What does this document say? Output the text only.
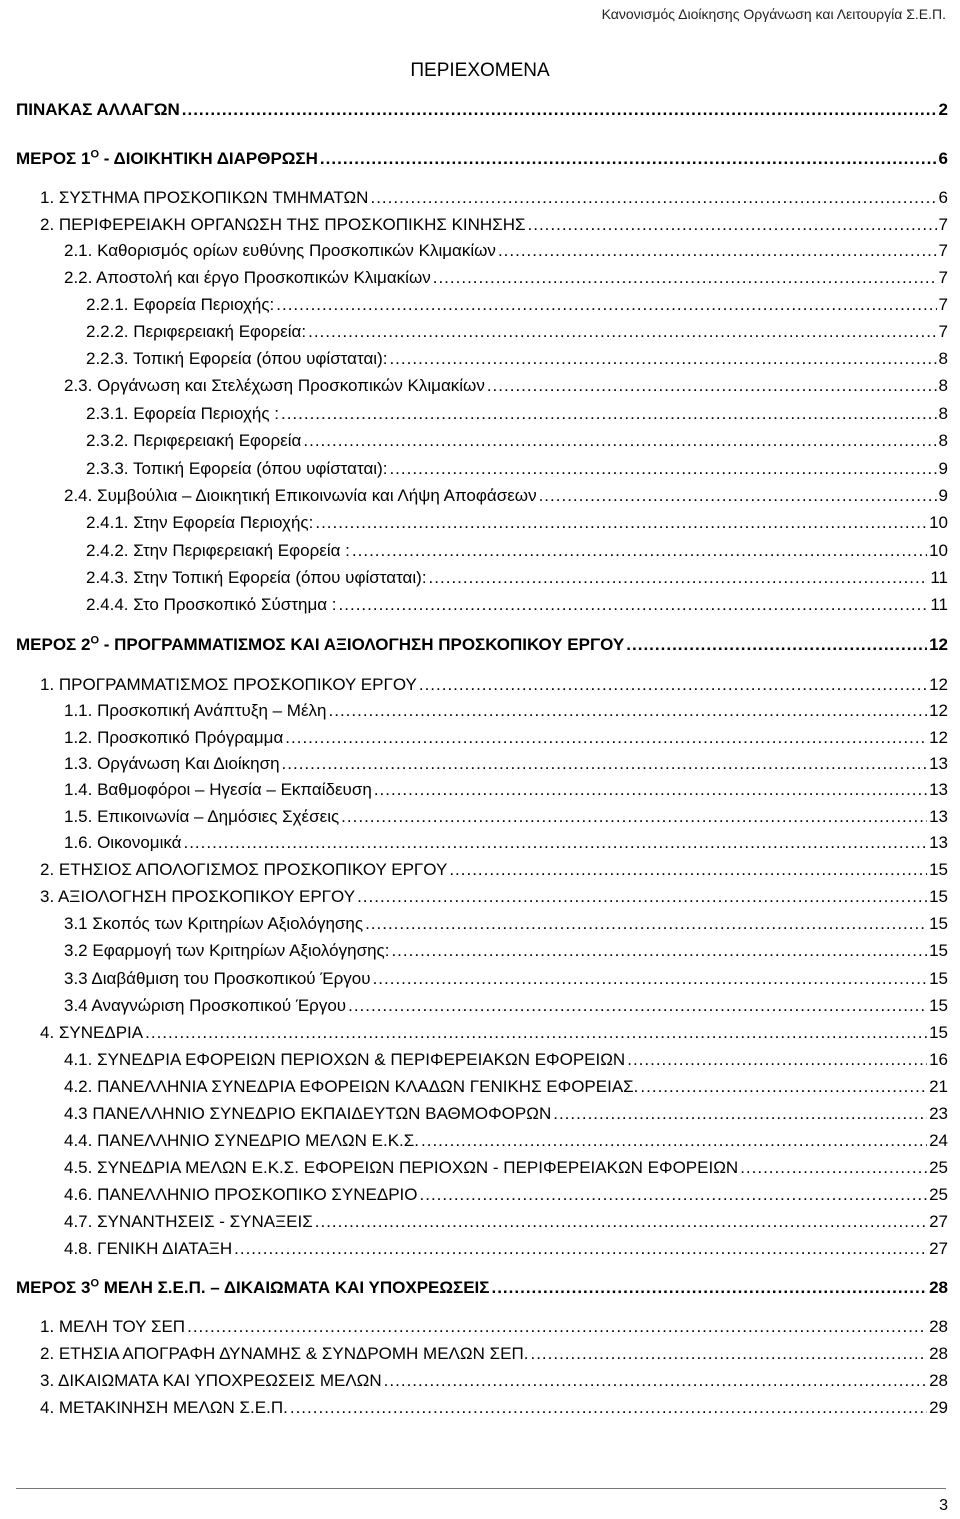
Κανονισμός Διοίκησης Οργάνωση και Λειτουργία Σ.Ε.Π.
ΠΕΡΙΕΧΟΜΕΝΑ
ΠΙΝΑΚΑΣ ΑΛΛΑΓΩΝ .....	2
ΜΕΡΟΣ $1^O$ - ΔΙΟΙΚΗΤΙΚΗ ΔΙΑΡΘΡΩΣΗ .....	6
1. ΣΥΣΤΗΜΑ ΠΡΟΣΚΟΠΙΚΩΝ ΤΜΗΜΑΤΩΝ .....	6
2. ΠΕΡΙΦΕΡΕΙΑΚΗ ΟΡΓΑΝΩΣΗ ΤΗΣ ΠΡΟΣΚΟΠΙΚΗΣ ΚΙΝΗΣΗΣ .....	7
2.1. Καθορισμός ορίων ευθύνης Προσκοπικών Κλιμακίων .....	7
2.2. Αποστολή και έργο Προσκοπικών Κλιμακίων .....	7
2.2.1. Εφορεία Περιοχής: .....	7
2.2.2. Περιφερειακή Εφορεία: .....	7
2.2.3. Τοπική Εφορεία (όπου υφίσταται): .....	8
2.3. Οργάνωση και Στελέχωση Προσκοπικών Κλιμακίων .....	8
2.3.1. Εφορεία Περιοχής : .....	8
2.3.2. Περιφερειακή Εφορεία .....	8
2.3.3. Τοπική Εφορεία (όπου υφίσταται): .....	9
2.4. Συμβούλια – Διοικητική Επικοινωνία και Λήψη Αποφάσεων .....	9
2.4.1. Στην Εφορεία Περιοχής: .....	10
2.4.2. Στην Περιφερειακή Εφορεία : .....	10
2.4.3. Στην Τοπική Εφορεία (όπου υφίσταται): .....	11
2.4.4. Στο Προσκοπικό Σύστημα : .....	11
ΜΕΡΟΣ $2^O$ - ΠΡΟΓΡΑΜΜΑΤΙΣΜΟΣ ΚΑΙ ΑΞΙΟΛΟΓΗΣΗ ΠΡΟΣΚΟΠΙΚΟΥ ΕΡΓΟΥ .....	12
1. ΠΡΟΓΡΑΜΜΑΤΙΣΜΟΣ ΠΡΟΣΚΟΠΙΚΟΥ ΕΡΓΟΥ .....	12
1.1. Προσκοπική Ανάπτυξη – Μέλη .....	12
1.2. Προσκοπικό Πρόγραμμα .....	12
1.3. Οργάνωση Και Διοίκηση .....	13
1.4. Βαθμοφόροι – Ηγεσία – Εκπαίδευση .....	13
1.5. Επικοινωνία – Δημόσιες Σχέσεις .....	13
1.6. Οικονομικά .....	13
2. ΕΤΗΣΙΟΣ ΑΠΟΛΟΓΙΣΜΟΣ ΠΡΟΣΚΟΠΙΚΟΥ ΕΡΓΟΥ .....	15
3. ΑΞΙΟΛΟΓΗΣΗ ΠΡΟΣΚΟΠΙΚΟΥ ΕΡΓΟΥ .....	15
3.1 Σκοπός των Κριτηρίων Αξιολόγησης .....	15
3.2 Εφαρμογή των Κριτηρίων Αξιολόγησης: .....	15
3.3 Διαβάθμιση του Προσκοπικού Έργου .....	15
3.4 Αναγνώριση Προσκοπικού Έργου .....	15
4. ΣΥΝΕΔΡΙΑ .....	15
4.1. ΣΥΝΕΔΡΙΑ ΕΦΟΡΕΙΩΝ ΠΕΡΙΟΧΩΝ & ΠΕΡΙΦΕΡΕΙΑΚΩΝ ΕΦΟΡΕΙΩΝ .....	16
4.2. ΠΑΝΕΛΛΗΝΙΑ ΣΥΝΕΔΡΙΑ ΕΦΟΡΕΙΩΝ ΚΛΑΔΩΝ ΓΕΝΙΚΗΣ ΕΦΟΡΕΙΑΣ. .....	21
4.3 ΠΑΝΕΛΛΗΝΙΟ ΣΥΝΕΔΡΙΟ ΕΚΠΑΙΔΕΥΤΩΝ ΒΑΘΜΟΦΟΡΩΝ .....	23
4.4. ΠΑΝΕΛΛΗΝΙΟ ΣΥΝΕΔΡΙΟ ΜΕΛΩΝ Ε.Κ.Σ. .....	24
4.5. ΣΥΝΕΔΡΙΑ ΜΕΛΩΝ Ε.Κ.Σ. ΕΦΟΡΕΙΩΝ ΠΕΡΙΟΧΩΝ - ΠΕΡΙΦΕΡΕΙΑΚΩΝ ΕΦΟΡΕΙΩΝ .....	25
4.6. ΠΑΝΕΛΛΗΝΙΟ ΠΡΟΣΚΟΠΙΚΟ ΣΥΝΕΔΡΙΟ .....	25
4.7. ΣΥΝΑΝΤΗΣΕΙΣ - ΣΥΝΑΞΕΙΣ .....	27
4.8. ΓΕΝΙΚΗ ΔΙΑΤΑΞΗ .....	27
ΜΕΡΟΣ $3^O$ ΜΕΛΗ Σ.Ε.Π. – ΔΙΚΑΙΩΜΑΤΑ ΚΑΙ ΥΠΟΧΡΕΩΣΕΙΣ .....	28
1. ΜΕΛΗ ΤΟΥ ΣΕΠ .....	28
2. ΕΤΗΣΙΑ ΑΠΟΓΡΑΦΗ ΔΥΝΑΜΗΣ & ΣΥΝΔΡΟΜΗ ΜΕΛΩΝ ΣΕΠ. .....	28
3. ΔΙΚΑΙΩΜΑΤΑ ΚΑΙ ΥΠΟΧΡΕΩΣΕΙΣ ΜΕΛΩΝ .....	28
4. ΜΕΤΑΚΙΝΗΣΗ ΜΕΛΩΝ Σ.Ε.Π. .....	29
3
